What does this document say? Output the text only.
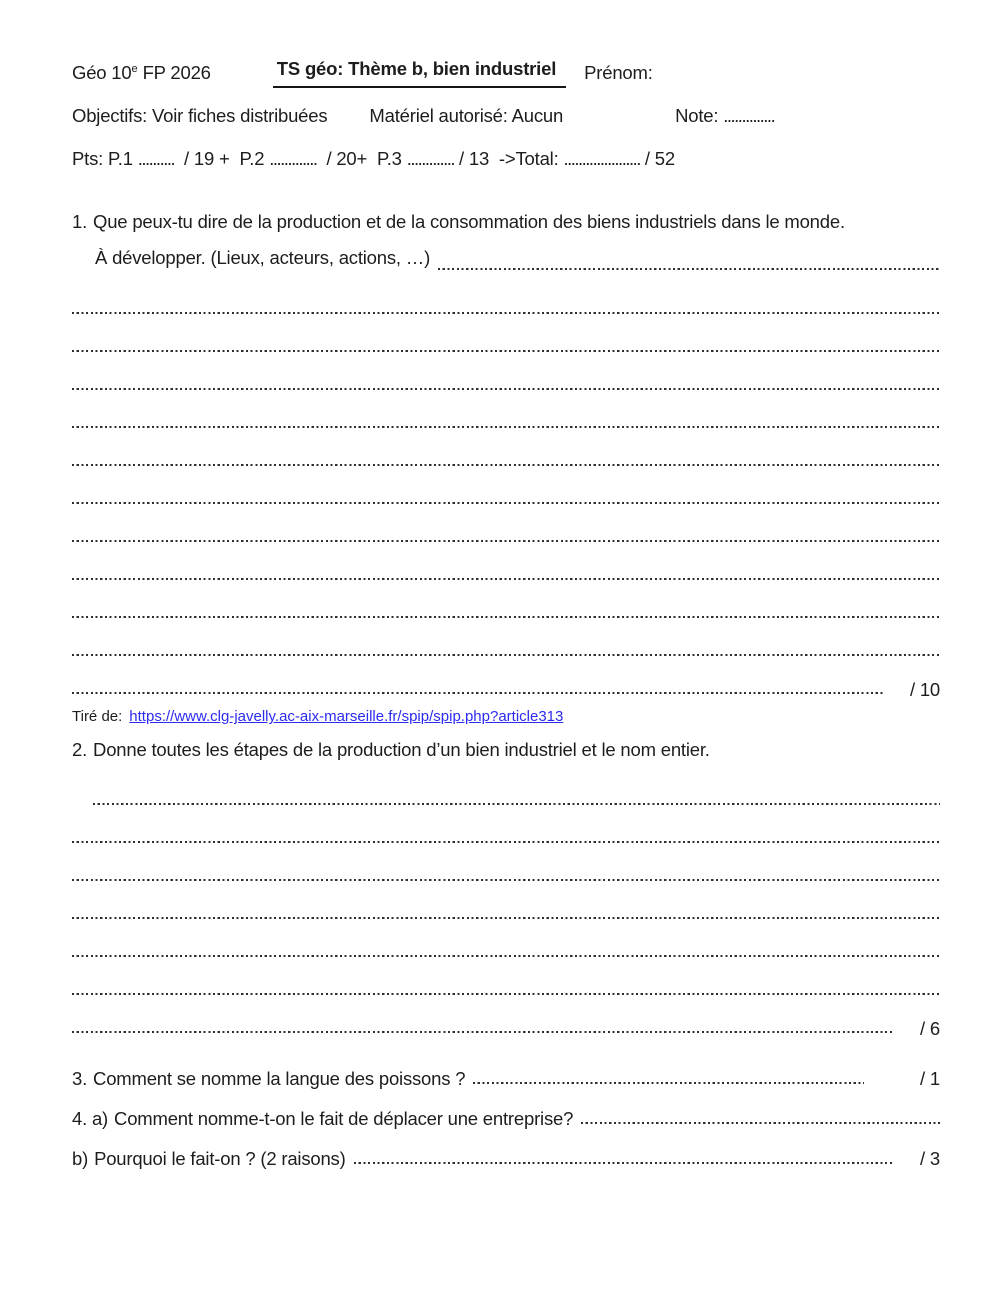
Géo 10e FP 2026	TS géo: Thème b, bien industriel	Prénom:
Objectifs: Voir fiches distribuées Matériel autorisé: Aucun	Note: ..............
Pts: P.1 .......... / 19 +  P.2 ............. / 20+  P.3 ............. / 13  ->Total: ..................... / 52
1. Que peux-tu dire de la production et de la consommation des biens industriels dans le monde.
À développer. (Lieux, acteurs, actions, …)
/ 10
Tiré de: https://www.clg-javelly.ac-aix-marseille.fr/spip/spip.php?article313
2. Donne toutes les étapes de la production d’un bien industriel et le nom entier.
/ 6
3. Comment se nomme la langue des poissons ?	/ 1
4. a) Comment nomme-t-on le fait de déplacer une entreprise?
b) Pourquoi le fait-on ? (2 raisons)	/ 3
